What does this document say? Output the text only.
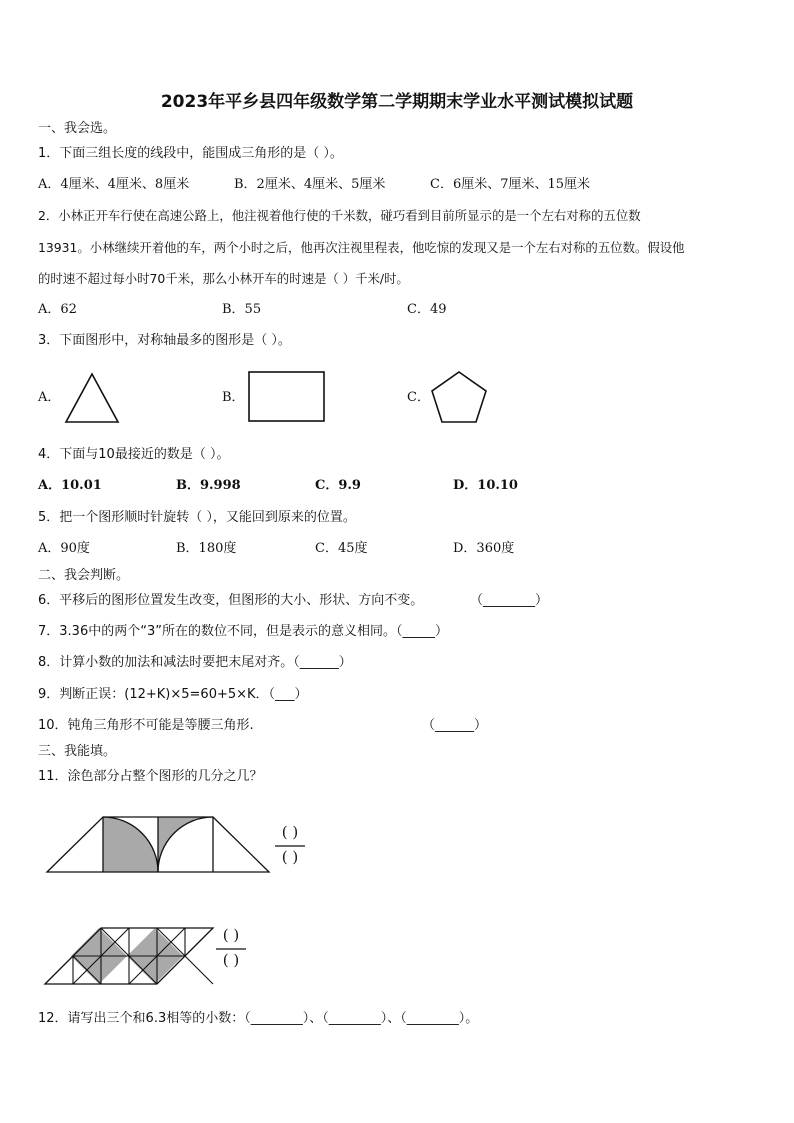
2023年平乡县四年级数学第二学期期末学业水平测试模拟试题
一、我会选。
1．下面三组长度的线段中，能围成三角形的是（ ）。
A．4厘米、4厘米、8厘米	B．2厘米、4厘米、5厘米	C．6厘米、7厘米、15厘米
2．小林正开车行使在高速公路上，他注视着他行使的千米数，碰巧看到目前所显示的是一个左右对称的五位数
13931。小林继续开着他的车，两个小时之后，他再次注视里程表，他吃惊的发现又是一个左右对称的五位数。假设他
的时速不超过每小时70千米，那么小林开车的时速是（ ）千米/时。
A．62	B．55	C．49
3．下面图形中，对称轴最多的图形是（ ）。
A．	B．	C．
4．下面与10最接近的数是（ ）。
A．10.01	B．9.998	C．9.9	D．10.10
5．把一个图形顺时针旋转（ ），又能回到原来的位置。
A．90度	B．180度	C．45度	D．360度
二、我会判断。
6．平移后的图形位置发生改变，但图形的大小、形状、方向不变。	（________）
7．3.36中的两个“3”所在的数位不同，但是表示的意义相同。（_____）
8．计算小数的加法和减法时要把末尾对齐。（______）
9．判断正误：(12+K)×5=60+5×K．（___）
10．钝角三角形不可能是等腰三角形.	（______）
三、我能填。
11．涂色部分占整个图形的几分之几？
( )
( )
( )
( )
12．请写出三个和6.3相等的小数：（________）、（________）、（________）。
